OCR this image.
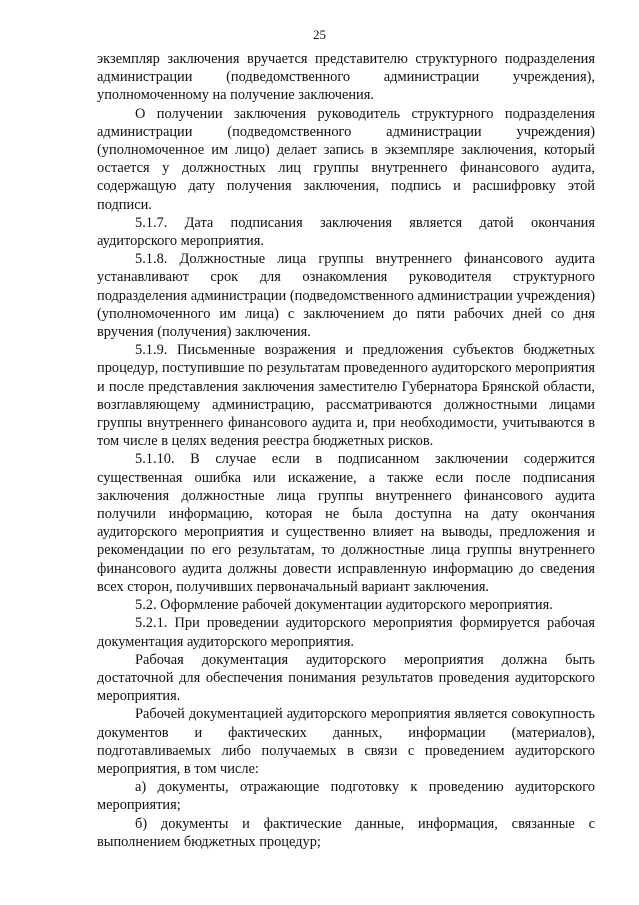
25

экземпляр заключения вручается представителю структурного подразделения администрации (подведомственного администрации учреждения), уполномоченному на получение заключения.

О получении заключения руководитель структурного подразделения администрации (подведомственного администрации учреждения) (уполномоченное им лицо) делает запись в экземпляре заключения, который остается у должностных лиц группы внутреннего финансового аудита, содержащую дату получения заключения, подпись и расшифровку этой подписи.

5.1.7. Дата подписания заключения является датой окончания аудиторского мероприятия.

5.1.8. Должностные лица группы внутреннего финансового аудита устанавливают срок для ознакомления руководителя структурного подразделения администрации (подведомственного администрации учреждения) (уполномоченного им лица) с заключением до пяти рабочих дней со дня вручения (получения) заключения.

5.1.9. Письменные возражения и предложения субъектов бюджетных процедур, поступившие по результатам проведенного аудиторского мероприятия и после представления заключения заместителю Губернатора Брянской области, возглавляющему администрацию, рассматриваются должностными лицами группы внутреннего финансового аудита и, при необходимости, учитываются в том числе в целях ведения реестра бюджетных рисков.

5.1.10. В случае если в подписанном заключении содержится существенная ошибка или искажение, а также если после подписания заключения должностные лица группы внутреннего финансового аудита получили информацию, которая не была доступна на дату окончания аудиторского мероприятия и существенно влияет на выводы, предложения и рекомендации по его результатам, то должностные лица группы внутреннего финансового аудита должны довести исправленную информацию до сведения всех сторон, получивших первоначальный вариант заключения.

5.2. Оформление рабочей документации аудиторского мероприятия.

5.2.1. При проведении аудиторского мероприятия формируется рабочая документация аудиторского мероприятия.

Рабочая документация аудиторского мероприятия должна быть достаточной для обеспечения понимания результатов проведения аудиторского мероприятия.

Рабочей документацией аудиторского мероприятия является совокупность документов и фактических данных, информации (материалов), подготавливаемых либо получаемых в связи с проведением аудиторского мероприятия, в том числе:

а) документы, отражающие подготовку к проведению аудиторского мероприятия;

б) документы и фактические данные, информация, связанные с выполнением бюджетных процедур;
